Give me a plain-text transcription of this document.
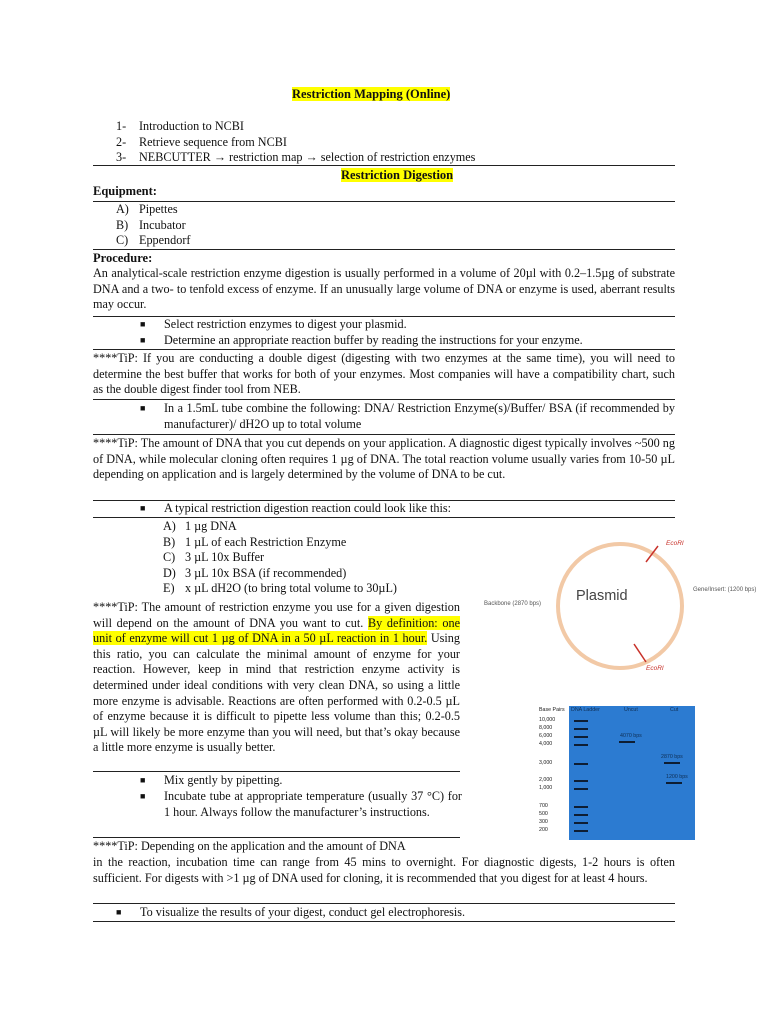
Restriction Mapping (Online)
1- Introduction to NCBI
2- Retrieve sequence from NCBI
3- NEBCUTTER → restriction map → selection of restriction enzymes
Restriction Digestion
Equipment:
A) Pipettes
B) Incubator
C) Eppendorf
Procedure:
An analytical-scale restriction enzyme digestion is usually performed in a volume of 20µl with 0.2–1.5µg of substrate DNA and a two- to tenfold excess of enzyme. If an unusually large volume of DNA or enzyme is used, aberrant results may occur.
■ Select restriction enzymes to digest your plasmid.
■ Determine an appropriate reaction buffer by reading the instructions for your enzyme.
****TiP: If you are conducting a double digest (digesting with two enzymes at the same time), you will need to determine the best buffer that works for both of your enzymes. Most companies will have a compatibility chart, such as the double digest finder tool from NEB.
■ In a 1.5mL tube combine the following: DNA/ Restriction Enzyme(s)/Buffer/ BSA (if recommended by manufacturer)/ dH2O up to total volume
****TiP: The amount of DNA that you cut depends on your application. A diagnostic digest typically involves ~500 ng of DNA, while molecular cloning often requires 1 µg of DNA. The total reaction volume usually varies from 10-50 µL depending on application and is largely determined by the volume of DNA to be cut.
■ A typical restriction digestion reaction could look like this:
A) 1 µg DNA
B) 1 µL of each Restriction Enzyme
C) 3 µL 10x Buffer
D) 3 µL 10x BSA (if recommended)
E) x µL dH2O (to bring total volume to 30µL)
****TiP: The amount of restriction enzyme you use for a given digestion will depend on the amount of DNA you want to cut. By definition: one unit of enzyme will cut 1 µg of DNA in a 50 µL reaction in 1 hour. Using this ratio, you can calculate the minimal amount of enzyme for your reaction. However, keep in mind that restriction enzyme activity is determined under ideal conditions with very clean DNA, so using a little more enzyme is advisable. Reactions are often performed with 0.2-0.5 µL of enzyme because it is difficult to pipette less volume than this; 0.2-0.5 µL will likely be more enzyme than you will need, but that’s okay because a little more enzyme is usually better.
■ Mix gently by pipetting.
■ Incubate tube at appropriate temperature (usually 37 °C) for 1 hour. Always follow the manufacturer’s instructions.
****TiP: Depending on the application and the amount of DNA
in the reaction, incubation time can range from 45 mins to overnight. For diagnostic digests, 1-2 hours is often sufficient. For digests with >1 µg of DNA used for cloning, it is recommended that you digest for at least 4 hours.
■ To visualize the results of your digest, conduct gel electrophoresis.
EcoRI
EcoRI
Plasmid
Backbone (2870 bps)
Gene/Insert: (1200 bps)
Base Pairs DNA Ladder	Uncut	Cut
10,000
8,000
6,000
4,000
3,000
2,000
1,000
700
500
300
200
4070 bps
2870 bps
1200 bps
